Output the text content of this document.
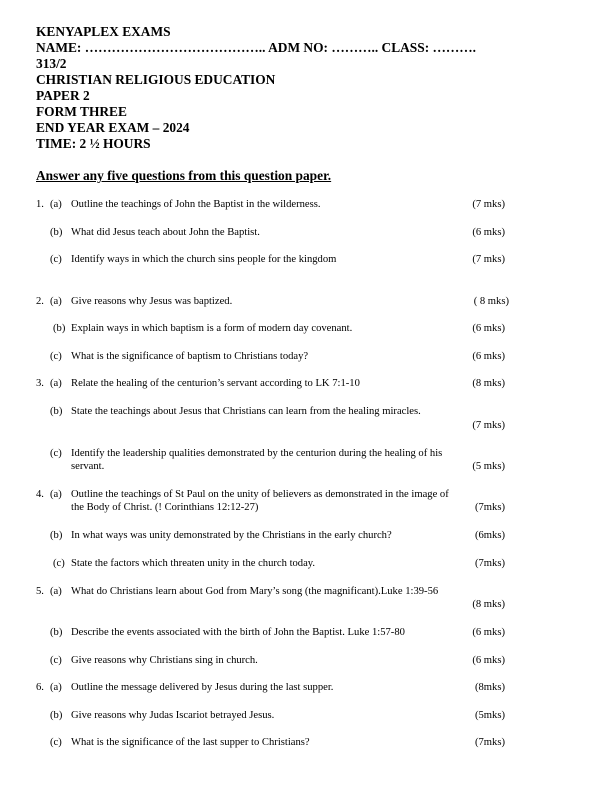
KENYAPLEX EXAMS

NAME: ………………………………….. ADM NO: ……….. CLASS: ……….

313/2

CHRISTIAN RELIGIOUS EDUCATION

PAPER 2

FORM THREE

END YEAR EXAM – 2024

TIME: 2 ½ HOURS

Answer any five questions from this question paper.

1. (a) Outline the teachings of John the Baptist in the wilderness.	(7 mks)
(b) What did Jesus teach about John the Baptist.	(6 mks)
(c) Identify ways in which the church sins people for the kingdom	(7 mks)
2. (a) Give reasons why Jesus was baptized.	( 8 mks)
(b) Explain ways in which baptism is a form of modern day covenant.	(6 mks)
(c) What is the significance of baptism to Christians today?	(6 mks)
3. (a) Relate the healing of the centurion’s servant according to LK 7:1-10	(8 mks)
(b) State the teachings about Jesus that Christians can learn from the healing miracles.
(7 mks)
(c) Identify the leadership qualities demonstrated by the centurion during the healing of his
servant.	(5 mks)
4. (a) Outline the teachings of St Paul on the unity of believers as demonstrated in the image of
the Body of Christ. (! Corinthians 12:12-27)	(7mks)
(b) In what ways was unity demonstrated by the Christians in the early church?	(6mks)
(c) State the factors which threaten unity in the church today.	(7mks)
5. (a) What do Christians learn about God from Mary’s song (the magnificant).Luke 1:39-56
(8 mks)
(b) Describe the events associated with the birth of John the Baptist. Luke 1:57-80	(6 mks)
(c) Give reasons why Christians sing in church.	(6 mks)
6. (a) Outline the message delivered by Jesus during the last supper.	(8mks)
(b) Give reasons why Judas Iscariot betrayed Jesus.	(5mks)
(c) What is the significance of the last supper to Christians?	(7mks)
